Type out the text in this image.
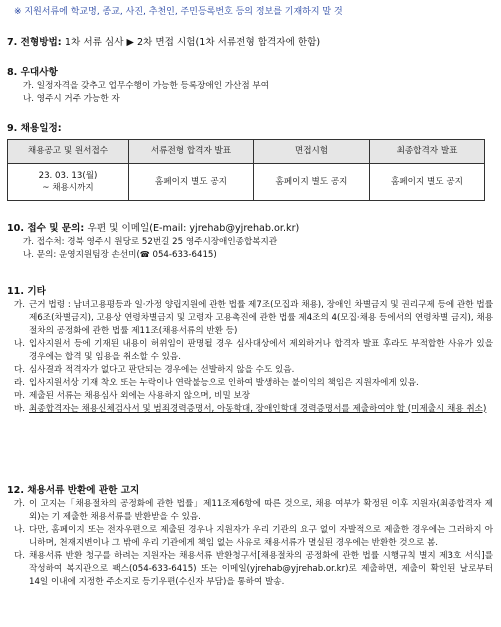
※ 지원서류에 학교명, 종교, 사진, 추천인, 주민등록번호 등의 정보를 기재하지 말 것
7. 전형방법: 1차 서류 심사 ▶ 2차 면접 시험(1차 서류전형 합격자에 한함)
8. 우대사항
가. 일정자격을 갖추고 업무수행이 가능한 등록장애인 가산점 부여
나. 영주시 거주 가능한 자
9. 채용일정:
채용공고 및 원서접수	서류전형 합격자 발표	면접시험	최종합격자 발표

23. 03. 13(월)
~ 채용시까지	홈페이지 별도 공지	홈페이지 별도 공지	홈페이지 별도 공지
10. 접수 및 문의: 우편 및 이메일(E-mail: yjrehab@yjrehab.or.kr)
가. 접수처: 경북 영주시 원당로 52번길 25 영주시장애인종합복지관
나. 문의: 운영지원팀장 손선미(☎ 054-633-6415)
11. 기타
가. 근거 법령 : 남녀고용평등과 일·가정 양립지원에 관한 법률 제7조(모집과 채용), 장애인 차별금지 및 권리구제 등에 관한 법률 제6조(차별금지), 고용상 연령차별금지 및 고령자 고용촉진에 관한 법률 제4조의 4(모집·채용 등에서의 연령차별 금지), 채용절차의 공정화에 관한 법률 제11조(채용서류의 반환 등)
나. 입사지원서 등에 기재된 내용이 허위임이 판명될 경우 심사대상에서 제외하거나 합격자 발표 후라도 부적합한 사유가 있을 경우에는 합격 및 임용을 취소할 수 있음.
다. 심사결과 적격자가 없다고 판단되는 경우에는 선발하지 않을 수도 있음.
라. 입사지원서상 기재 착오 또는 누락이나 연락불능으로 인하여 발생하는 불이익의 책임은 지원자에게 있음.
마. 제출된 서류는 채용심사 외에는 사용하지 않으며, 비밀 보장
바. 최종합격자는 채용신체검사서 및 범죄경력증명서, 아동학대, 장애인학대 경력증명서를 제출하여야 함 (미제출시 채용 취소)
12. 채용서류 반환에 관한 고지
가. 이 고지는「채용절차의 공정화에 관한 법률」제11조제6항에 따른 것으로, 채용 여부가 확정된 이후 지원자(최종합격자 제외)는 기 제출한 채용서류를 반환받을 수 있음.
나. 다만, 홈페이지 또는 전자우편으로 제출된 경우나 지원자가 우리 기관의 요구 없이 자발적으로 제출한 경우에는 그러하지 아니하며, 천재지변이나 그 밖에 우리 기관에게 책임 없는 사유로 채용서류가 멸실된 경우에는 반환한 것으로 봄.
다. 채용서류 반환 청구를 하려는 지원자는 채용서류 반환청구서[채용절차의 공정화에 관한 법률 시행규칙 별지 제3호 서식]를 작성하여 복지관으로 팩스(054-633-6415) 또는 이메일(yjrehab@yjrehab.or.kr)로 제출하면, 제출이 확인된 날로부터 14일 이내에 지정한 주소지로 등기우편(수신자 부담)을 통하여 발송.
